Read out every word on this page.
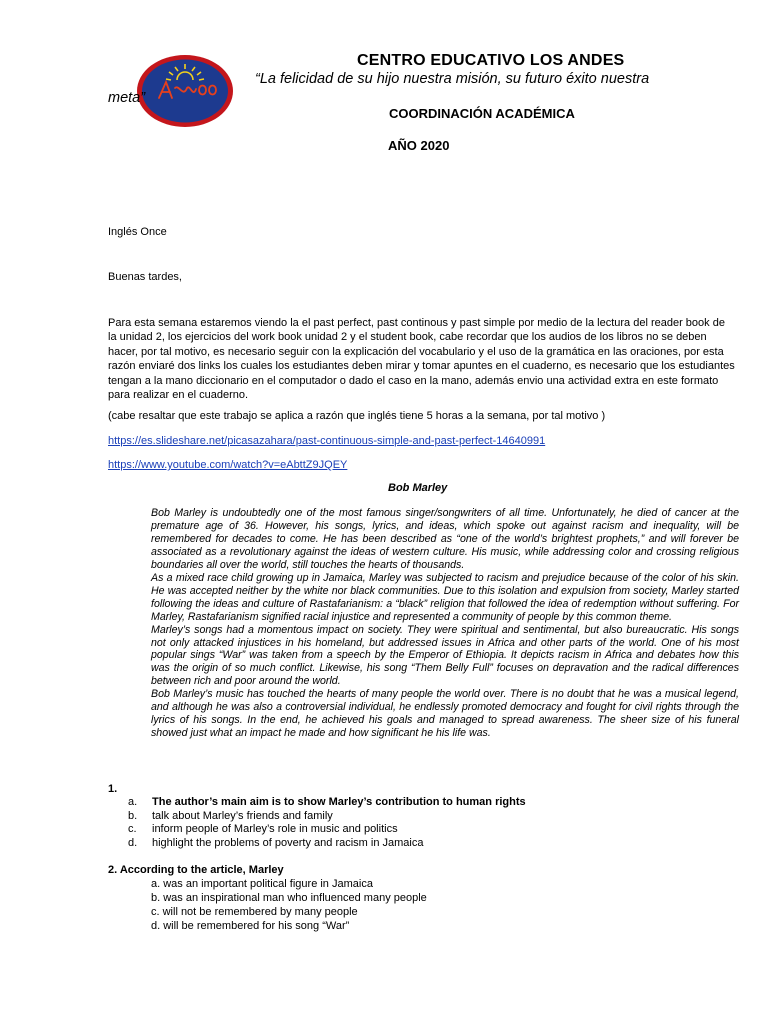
CENTRO EDUCATIVO LOS ANDES
“La felicidad de su hijo nuestra misión, su futuro éxito nuestra
meta”
COORDINACIÓN ACADÉMICA
AÑO 2020
Inglés Once
Buenas tardes,

Para esta semana estaremos viendo la el past perfect, past continous y past simple por medio de la lectura del reader book de la unidad 2, los ejercicios del work book unidad 2 y el student book, cabe recordar que los audios de los libros no se deben hacer, por tal motivo, es necesario seguir con la explicación del vocabulario y el uso de la gramática en las oraciones, por esta razón enviaré dos links los cuales los estudiantes deben mirar y tomar apuntes en el cuaderno, es necesario que los estudiantes tengan a la mano diccionario en el computador o dado el caso en la mano, además envio una actividad extra en este formato para realizar en el cuaderno.

(cabe resaltar que este trabajo se aplica a razón que inglés tiene 5 horas a la semana, por tal motivo )
https://es.slideshare.net/picasazahara/past-continuous-simple-and-past-perfect-14640991
https://www.youtube.com/watch?v=eAbttZ9JQEY
Bob Marley

Bob Marley is undoubtedly one of the most famous singer/songwriters of all time. Unfortunately, he died of cancer at the premature age of 36. However, his songs, lyrics, and ideas, which spoke out against racism and inequality, will be remembered for decades to come. He has been described as “one of the world’s brightest prophets,” and will forever be associated as a revolutionary against the ideas of western culture. His music, while addressing color and crossing religious boundaries all over the world, still touches the hearts of thousands.

As a mixed race child growing up in Jamaica, Marley was subjected to racism and prejudice because of the color of his skin. He was accepted neither by the white nor black communities. Due to this isolation and expulsion from society, Marley started following the ideas and culture of Rastafarianism: a “black” religion that followed the idea of redemption without suffering. For Marley, Rastafarianism signified racial injustice and represented a community of people by this common theme.

Marley’s songs had a momentous impact on society. They were spiritual and sentimental, but also bureaucratic. His songs not only attacked injustices in his homeland, but addressed issues in Africa and other parts of the world. One of his most popular sings “War” was taken from a speech by the Emperor of Ethiopia. It depicts racism in Africa and debates how this was the origin of so much conflict. Likewise, his song “Them Belly Full” focuses on depravation and the radical differences between rich and poor around the world.

Bob Marley’s music has touched the hearts of many people the world over. There is no doubt that he was a musical legend, and although he was also a controversial individual, he endlessly promoted democracy and fought for civil rights through the lyrics of his songs. In the end, he achieved his goals and managed to spread awareness. The sheer size of his funeral showed just what an impact he made and how significant he his life was.

1.
a. The author’s main aim is to show Marley’s contribution to human rights
b. talk about Marley’s friends and family
c. inform people of Marley’s role in music and politics
d. highlight the problems of poverty and racism in Jamaica
2. According to the article, Marley
a. was an important political figure in Jamaica
b. was an inspirational man who influenced many people
c. will not be remembered by many people
d. will be remembered for his song “War”
